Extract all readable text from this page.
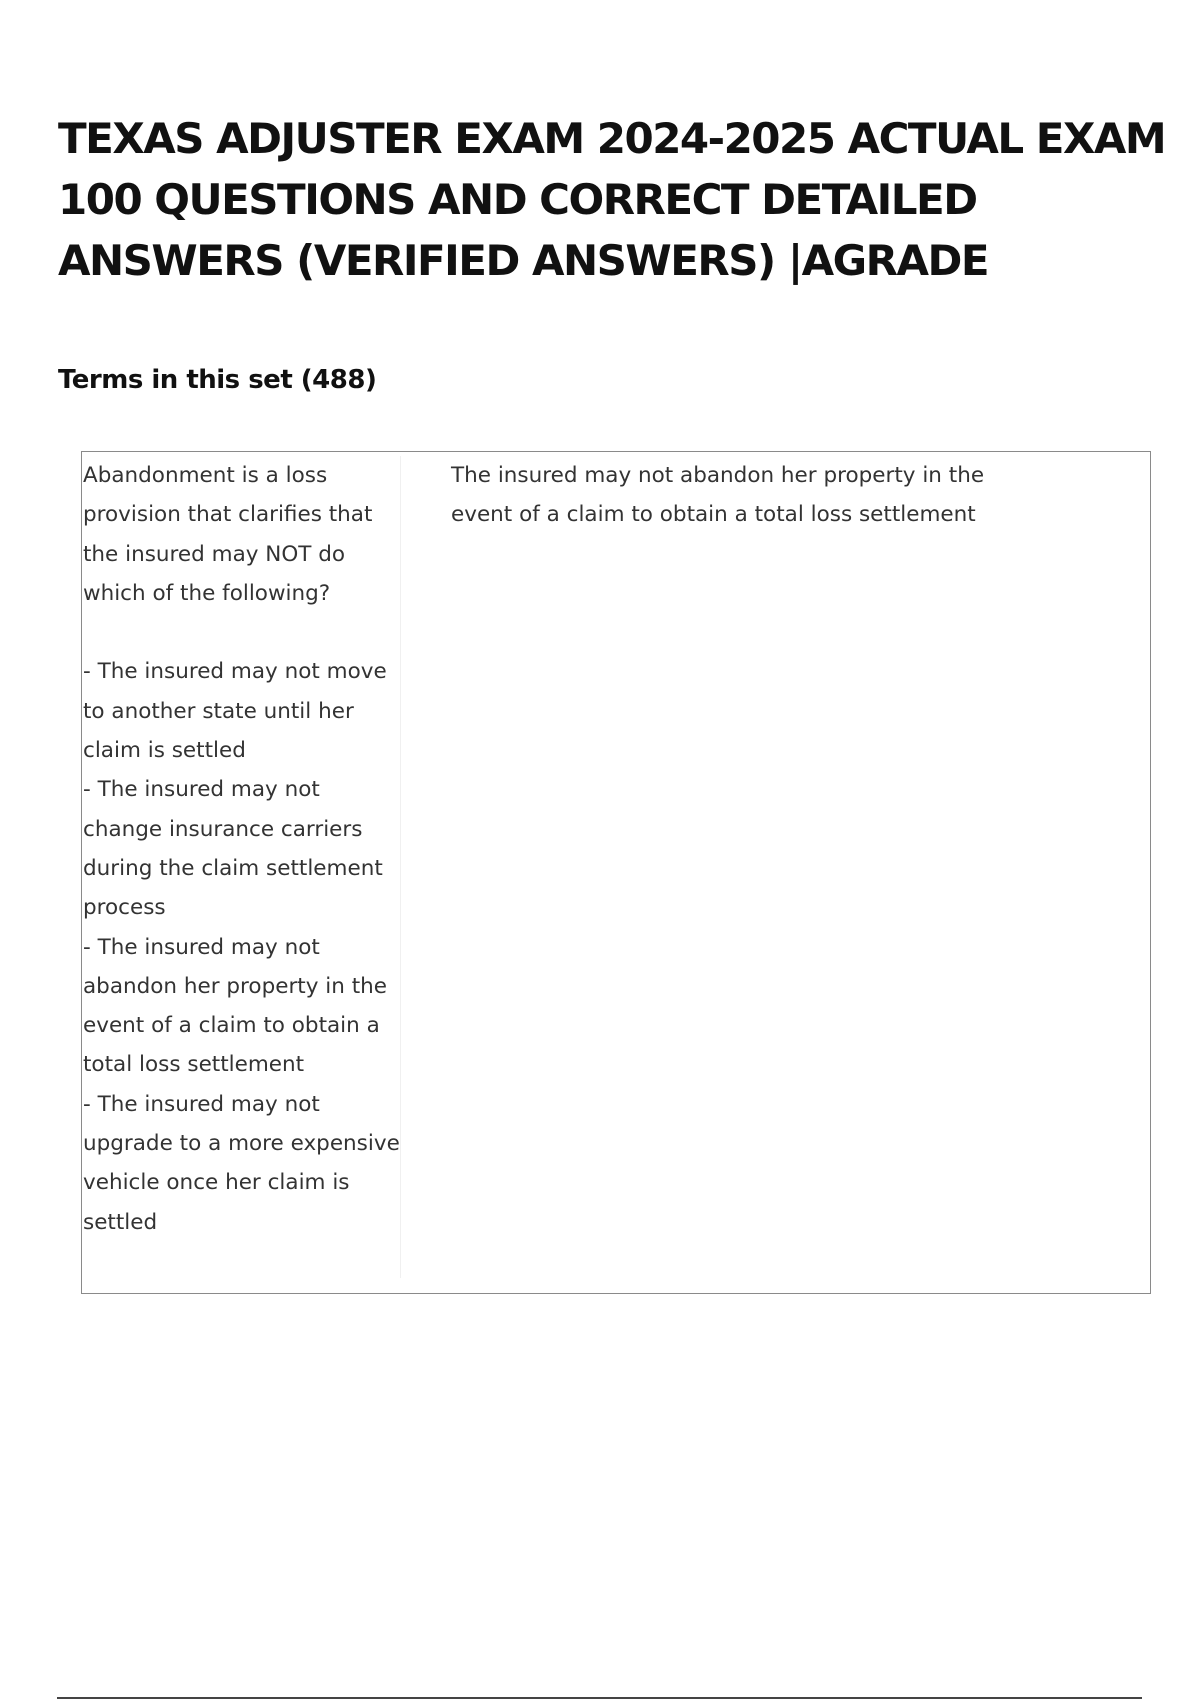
TEXAS ADJUSTER EXAM 2024-2025 ACTUAL EXAM 100 QUESTIONS AND CORRECT DETAILED ANSWERS (VERIFIED ANSWERS) |AGRADE
Terms in this set (488)
Abandonment is a loss provision that clarifies that the insured may NOT do which of the following?

- The insured may not move to another state until her claim is settled
- The insured may not change insurance carriers during the claim settlement process
- The insured may not abandon her property in the event of a claim to obtain a total loss settlement
- The insured may not upgrade to a more expensive vehicle once her claim is settled
The insured may not abandon her property in the event of a claim to obtain a total loss settlement
